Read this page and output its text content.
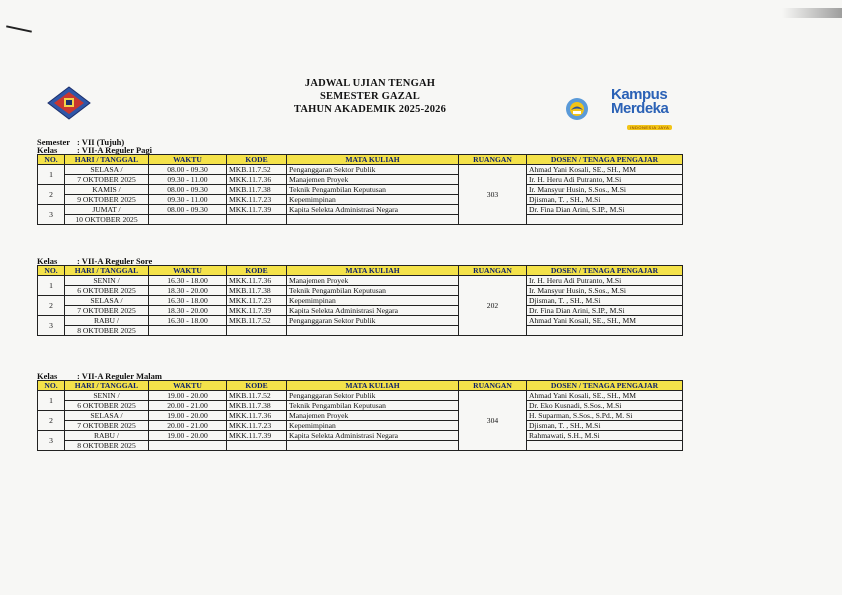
JADWAL UJIAN TENGAH
SEMESTER GAZAL
TAHUN AKADEMIK 2025-2026
Kampus
Merdeka
INDONESIA JAYA
Semester : VII (Tujuh)
Kelas : VII-A Reguler Pagi
NO.	HARI / TANGGAL	WAKTU	KODE	MATA KULIAH	RUANGAN	DOSEN / TENAGA PENGAJAR
1	SELASA /	08.00 - 09.30	MKB.11.7.52	Penganggaran Sektor Publik	303	Ahmad Yani Kosali, SE., SH., MM
	7 OKTOBER 2025	09.30 - 11.00	MKK.11.7.36	Manajemen Proyek		Ir. H. Heru Adi Putranto, M.Si
2	KAMIS /	08.00 - 09.30	MKB.11.7.38	Teknik Pengambilan Keputusan		Ir. Mansyur Husin, S.Sos., M.Si
	9 OKTOBER 2025	09.30 - 11.00	MKK.11.7.23	Kepemimpinan		Djisman, T. , SH., M.Si
3	JUMAT /	08.00 - 09.30	MKK.11.7.39	Kapita Selekta Administrasi Negara		Dr. Fina Dian Arini, S.IP., M.Si
	10 OKTOBER 2025					
Kelas : VII-A Reguler Sore
NO.	HARI / TANGGAL	WAKTU	KODE	MATA KULIAH	RUANGAN	DOSEN / TENAGA PENGAJAR
1	SENIN /	16.30 - 18.00	MKK.11.7.36	Manajemen Proyek	202	Ir. H. Heru Adi Putranto, M.Si
	6 OKTOBER 2025	18.30 - 20.00	MKB.11.7.38	Teknik Pengambilan Keputusan		Ir. Mansyur Husin, S.Sos., M.Si
2	SELASA /	16.30 - 18.00	MKK.11.7.23	Kepemimpinan		Djisman, T. , SH., M.Si
	7 OKTOBER 2025	18.30 - 20.00	MKK.11.7.39	Kapita Selekta Administrasi Negara		Dr. Fina Dian Arini, S.IP., M.Si
3	RABU /	16.30 - 18.00	MKB.11.7.52	Penganggaran Sektor Publik		Ahmad Yani Kosali, SE., SH., MM
	8 OKTOBER 2025					
Kelas : VII-A Reguler Malam
NO.	HARI / TANGGAL	WAKTU	KODE	MATA KULIAH	RUANGAN	DOSEN / TENAGA PENGAJAR
1	SENIN /	19.00 - 20.00	MKB.11.7.52	Penganggaran Sektor Publik	304	Ahmad Yani Kosali, SE., SH., MM
	6 OKTOBER 2025	20.00 - 21.00	MKB.11.7.38	Teknik Pengambilan Keputusan		Dr. Eko Kusnadi, S.Sos., M.Si
2	SELASA /	19.00 - 20.00	MKK.11.7.36	Manajemen Proyek		H. Suparman, S.Sos., S.Pd., M. Si
	7 OKTOBER 2025	20.00 - 21.00	MKK.11.7.23	Kepemimpinan		Djisman, T. , SH., M.Si
3	RABU /	19.00 - 20.00	MKK.11.7.39	Kapita Selekta Administrasi Negara		Rahmawati, S.H., M.Si
	8 OKTOBER 2025					
